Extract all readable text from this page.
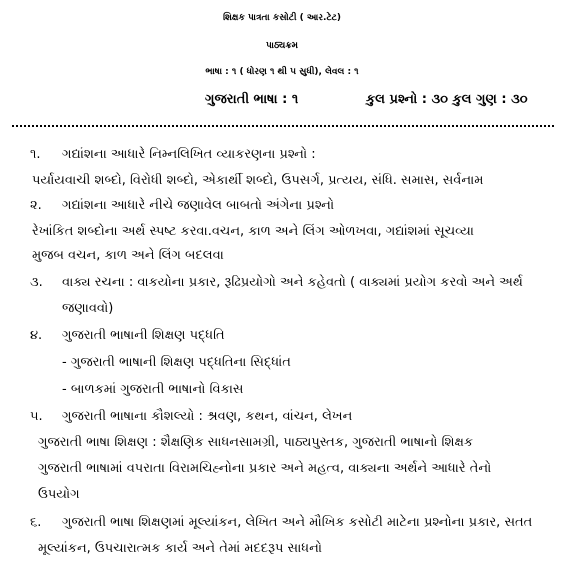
શિક્ષક પાત્રતા કસોટી ( આર.ટેટ)
પાઠ્યક્રમ
ભાષા : ૧ ( ધોરણ ૧ થી ૫ સુધી), લેવલ : ૧
ગુજરાતી ભાષા : ૧	કુલ પ્રશ્નો : ૩૦ કુલ ગુણ : ૩૦
૧. ગદ્યાંશના આધારે નિમ્નલિખિત વ્યાકરણના પ્રશ્નો :
પર્યાયવાચી શબ્દો, વિરોધી શબ્દો, એકાર્થી શબ્દો, ઉપસર્ગ, પ્રત્યય, સંધિ. સમાસ, સર્વનામ
૨. ગદ્યાંશના આધારે નીચે જણાવેલ બાબતો અંગેના પ્રશ્નો
રેખાંકિત શબ્દોના અર્થ સ્પષ્ટ કરવા.વચન, કાળ અને લિંગ ઓળખવા, ગદ્યાંશમાં સૂચવ્યા
મુજબ વચન, કાળ અને લિંગ બદલવા
૩. વાક્ય રચના : વાકયોના પ્રકાર, રૂઢિપ્રયોગો અને કહેવતો ( વાક્યમાં પ્રયોગ કરવો અને અર્થ
જણાવવો)
૪. ગુજરાતી ભાષાની શિક્ષણ પદ્ધતિ
- ગુજરાતી ભાષાની શિક્ષણ પદ્ધતિના સિદ્ધાંત
- બાળકમાં ગુજરાતી ભાષાનો વિકાસ
૫. ગુજરાતી ભાષાના કૌશલ્યો : શ્રવણ, કથન, વાંચન, લેખન
ગુજરાતી ભાષા શિક્ષણ : શૈક્ષણિક સાધનસામગ્રી, પાઠ્યપુસ્તક, ગુજરાતી ભાષાનો શિક્ષક
ગુજરાતી ભાષામાં વપરાતા વિરામચિહ્નોના પ્રકાર અને મહત્વ, વાક્યના અર્થને આધારે તેનો
ઉપયોગ
૬. ગુજરાતી ભાષા શિક્ષણમાં મૂલ્યાંકન, લેખિત અને મૌખિક કસોટી માટેના પ્રશ્નોના પ્રકાર, સતત
મૂલ્યાંકન, ઉપચારાત્મક કાર્ય અને તેમાં મદદરૂપ સાધનો
